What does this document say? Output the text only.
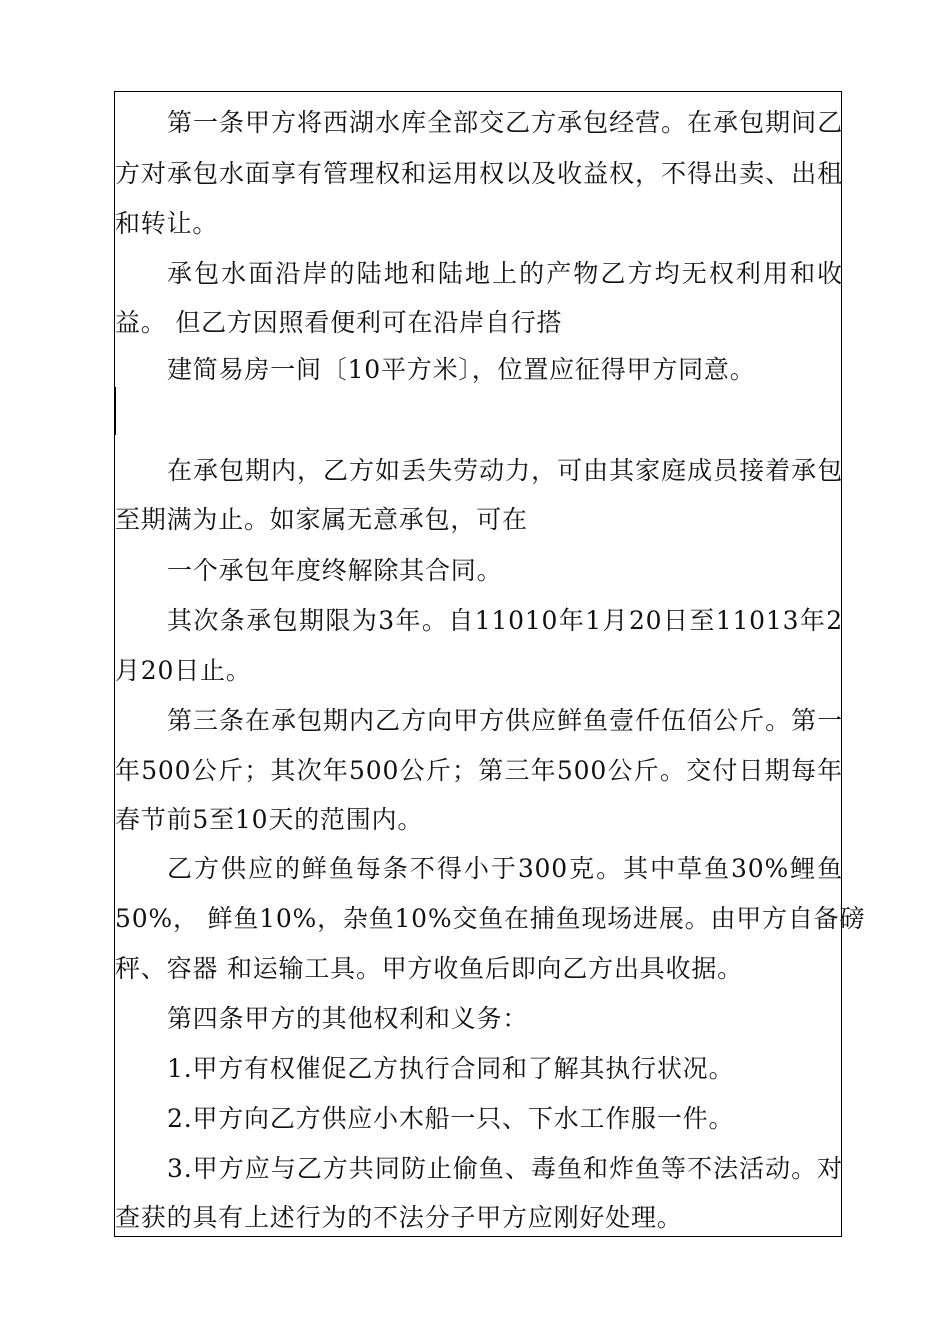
第一条甲方将西湖水库全部交乙方承包经营。在承包期间乙
方对承包水面享有管理权和运用权以及收益权，不得出卖、出租
和转让。
承包水面沿岸的陆地和陆地上的产物乙方均无权利用和收
益。 但乙方因照看便利可在沿岸自行搭
建简易房一间〔10平方米〕，位置应征得甲方同意。
在承包期内，乙方如丢失劳动力，可由其家庭成员接着承包
至期满为止。如家属无意承包，可在
一个承包年度终解除其合同。
其次条承包期限为3年。自11010年1月20日至11013年2
月20日止。
第三条在承包期内乙方向甲方供应鲜鱼壹仟伍佰公斤。第一
年500公斤；其次年500公斤；第三年500公斤。交付日期每年
春节前5至10天的范围内。
乙方供应的鲜鱼每条不得小于300克。其中草鱼30%鲤鱼
50%， 鲜鱼10%，杂鱼10%交鱼在捕鱼现场进展。由甲方自备磅
秤、容器 和运输工具。甲方收鱼后即向乙方出具收据。
第四条甲方的其他权利和义务：
1.甲方有权催促乙方执行合同和了解其执行状况。
2.甲方向乙方供应小木船一只、下水工作服一件。
3.甲方应与乙方共同防止偷鱼、毒鱼和炸鱼等不法活动。对
查获的具有上述行为的不法分子甲方应刚好处理。
